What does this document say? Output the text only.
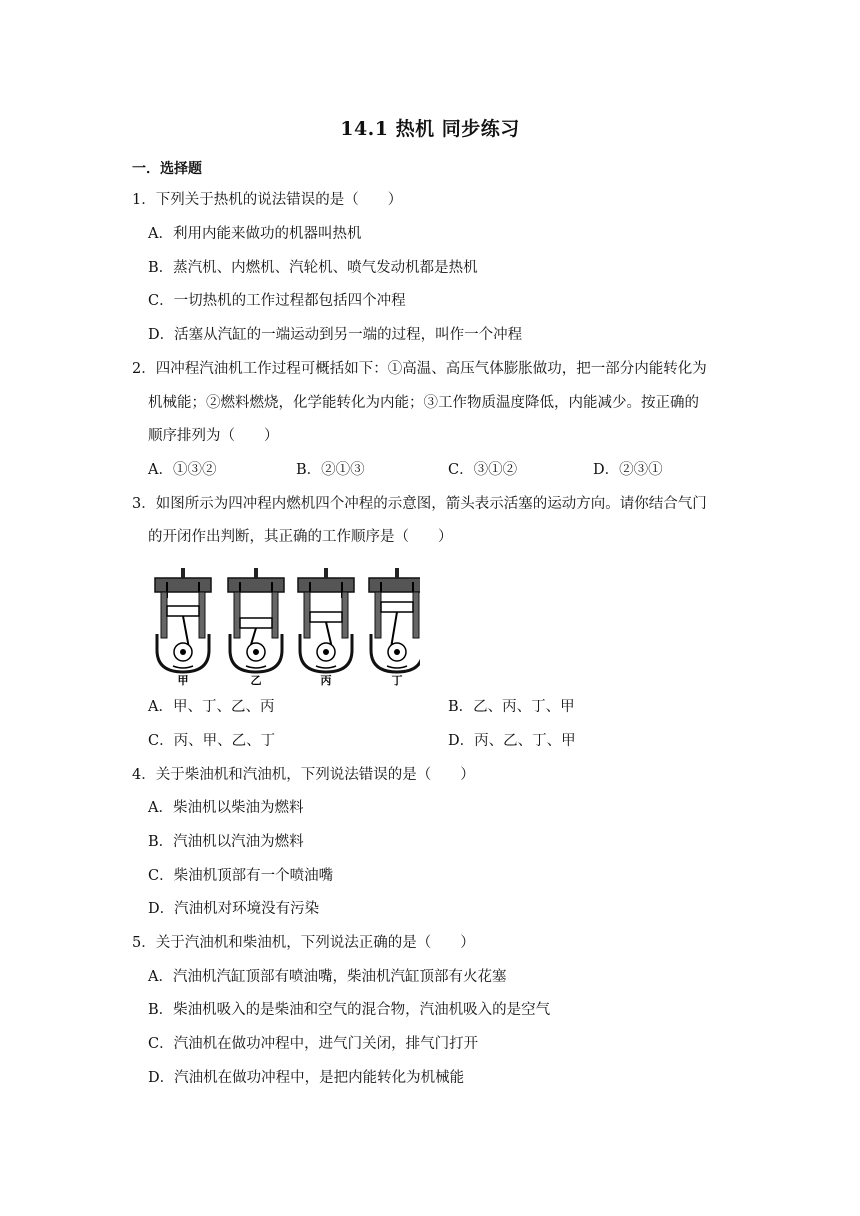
14.1 热机 同步练习
一．选择题
1．下列关于热机的说法错误的是（　　）
A．利用内能来做功的机器叫热机
B．蒸汽机、内燃机、汽轮机、喷气发动机都是热机
C．一切热机的工作过程都包括四个冲程
D．活塞从汽缸的一端运动到另一端的过程，叫作一个冲程
2．四冲程汽油机工作过程可概括如下：①高温、高压气体膨胀做功，把一部分内能转化为
机械能；②燃料燃烧，化学能转化为内能；③工作物质温度降低，内能减少。按正确的
顺序排列为（　　）
A．①③②	B．②①③	C．③①②	D．②③①
3．如图所示为四冲程内燃机四个冲程的示意图，箭头表示活塞的运动方向。请你结合气门
的开闭作出判断，其正确的工作顺序是（　　）
甲	乙	丙	丁
A．甲、丁、乙、丙	B．乙、丙、丁、甲
C．丙、甲、乙、丁	D．丙、乙、丁、甲
4．关于柴油机和汽油机，下列说法错误的是（　　）
A．柴油机以柴油为燃料
B．汽油机以汽油为燃料
C．柴油机顶部有一个喷油嘴
D．汽油机对环境没有污染
5．关于汽油机和柴油机，下列说法正确的是（　　）
A．汽油机汽缸顶部有喷油嘴，柴油机汽缸顶部有火花塞
B．柴油机吸入的是柴油和空气的混合物，汽油机吸入的是空气
C．汽油机在做功冲程中，进气门关闭，排气门打开
D．汽油机在做功冲程中，是把内能转化为机械能
